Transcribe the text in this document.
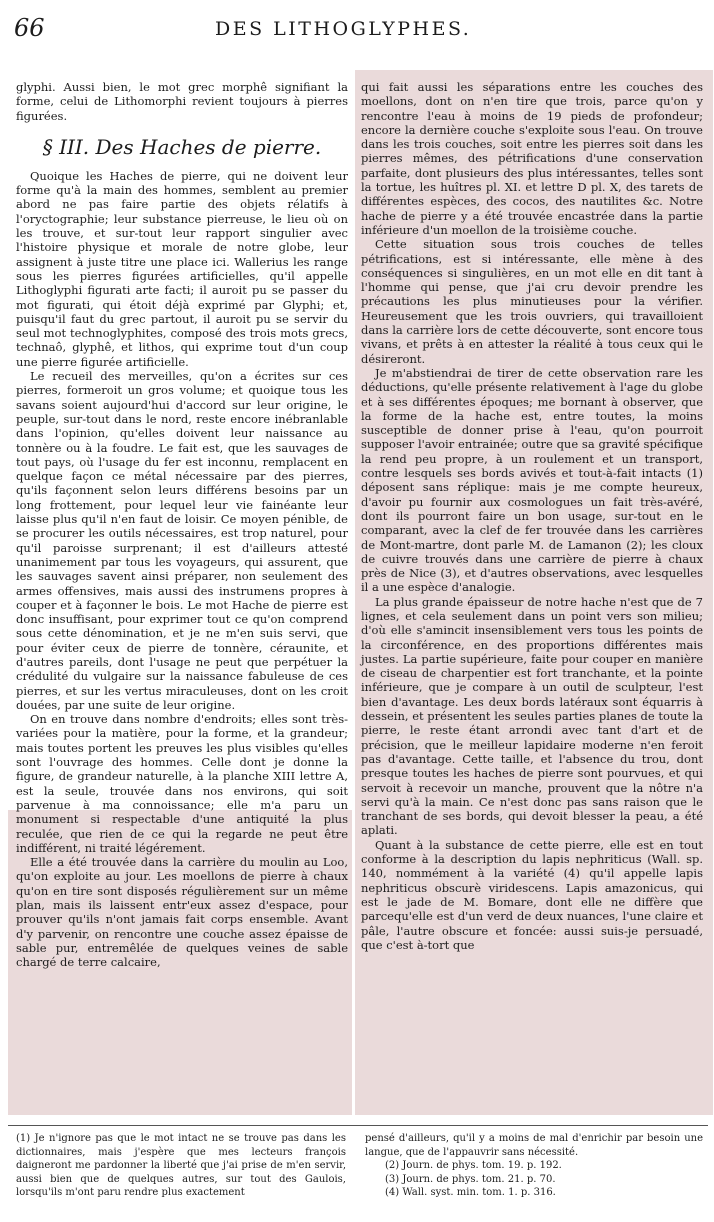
66	DES LITHOGLYPHES.

glyphi. Aussi bien, le mot grec morphê signifiant la forme, celui de Lithomorphi revient toujours à pierres figurées.

§ III. Des Haches de pierre.

Quoique les Haches de pierre, qui ne doivent leur forme qu'à la main des hommes, semblent au premier abord ne pas faire partie des objets rélatifs à l'oryctographie; leur substance pierreuse, le lieu où on les trouve, et sur-tout leur rapport singulier avec l'histoire physique et morale de notre globe, leur assignent à juste titre une place ici. Wallerius les range sous les pierres figurées artificielles, qu'il appelle Lithoglyphi figurati arte facti; il auroit pu se passer du mot figurati, qui étoit déjà exprimé par Glyphi; et, puisqu'il faut du grec partout, il auroit pu se servir du seul mot technoglyphites, composé des trois mots grecs, technaô, glyphê, et lithos, qui exprime tout d'un coup une pierre figurée artificielle.

Le recueil des merveilles, qu'on a écrites sur ces pierres, formeroit un gros volume; et quoique tous les savans soient aujourd'hui d'accord sur leur origine, le peuple, sur-tout dans le nord, reste encore inébranlable dans l'opinion, qu'elles doivent leur naissance au tonnère ou à la foudre. Le fait est, que les sauvages de tout pays, où l'usage du fer est inconnu, remplacent en quelque façon ce métal nécessaire par des pierres, qu'ils façonnent selon leurs différens besoins par un long frottement, pour lequel leur vie fainéante leur laisse plus qu'il n'en faut de loisir. Ce moyen pénible, de se procurer les outils nécessaires, est trop naturel, pour qu'il paroisse surprenant; il est d'ailleurs attesté unanimement par tous les voyageurs, qui assurent, que les sauvages savent ainsi préparer, non seulement des armes offensives, mais aussi des instrumens propres à couper et à façonner le bois. Le mot Hache de pierre est donc insuffisant, pour exprimer tout ce qu'on comprend sous cette dénomination, et je ne m'en suis servi, que pour éviter ceux de pierre de tonnère, céraunite, et d'autres pareils, dont l'usage ne peut que perpétuer la crédulité du vulgaire sur la naissance fabuleuse de ces pierres, et sur les vertus miraculeuses, dont on les croit douées, par une suite de leur origine.

On en trouve dans nombre d'endroits; elles sont très-variées pour la matière, pour la forme, et la grandeur; mais toutes portent les preuves les plus visibles qu'elles sont l'ouvrage des hommes. Celle dont je donne la figure, de grandeur naturelle, à la planche XIII lettre A, est la seule, trouvée dans nos environs, qui soit parvenue à ma connoissance; elle m'a paru un monument si respectable d'une antiquité la plus reculée, que rien de ce qui la regarde ne peut être indifférent, ni traité légérement.

Elle a été trouvée dans la carrière du moulin au Loo, qu'on exploite au jour. Les moellons de pierre à chaux qu'on en tire sont disposés régulièrement sur un même plan, mais ils laissent entr'eux assez d'espace, pour prouver qu'ils n'ont jamais fait corps ensemble. Avant d'y parvenir, on rencontre une couche assez épaisse de sable pur, entremêlée de quelques veines de sable chargé de terre calcaire,

qui fait aussi les séparations entre les couches des moellons, dont on n'en tire que trois, parce qu'on y rencontre l'eau à moins de 19 pieds de profondeur; encore la dernière couche s'exploite sous l'eau. On trouve dans les trois couches, soit entre les pierres soit dans les pierres mêmes, des pétrifications d'une conservation parfaite, dont plusieurs des plus intéressantes, telles sont la tortue, les huîtres pl. XI. et lettre D pl. X, des tarets de différentes espèces, des cocos, des nautilites &c. Notre hache de pierre y a été trouvée encastrée dans la partie inférieure d'un moellon de la troisième couche.

Cette situation sous trois couches de telles pétrifications, est si intéressante, elle mène à des conséquences si singulières, en un mot elle en dit tant à l'homme qui pense, que j'ai cru devoir prendre les précautions les plus minutieuses pour la vérifier. Heureusement que les trois ouvriers, qui travailloient dans la carrière lors de cette découverte, sont encore tous vivans, et prêts à en attester la réalité à tous ceux qui le désireront.

Je m'abstiendrai de tirer de cette observation rare les déductions, qu'elle présente relativement à l'age du globe et à ses différentes époques; me bornant à observer, que la forme de la hache est, entre toutes, la moins susceptible de donner prise à l'eau, qu'on pourroit supposer l'avoir entrainée; outre que sa gravité spécifique la rend peu propre, à un roulement et un transport, contre lesquels ses bords avivés et tout-à-fait intacts (1) déposent sans réplique: mais je me compte heureux, d'avoir pu fournir aux cosmologues un fait très-avéré, dont ils pourront faire un bon usage, sur-tout en le comparant, avec la clef de fer trouvée dans les carrières de Mont-martre, dont parle M. de Lamanon (2); les cloux de cuivre trouvés dans une carrière de pierre à chaux près de Nice (3), et d'autres observations, avec lesquelles il a une espèce d'analogie.

La plus grande épaisseur de notre hache n'est que de 7 lignes, et cela seulement dans un point vers son milieu; d'où elle s'amincit insensiblement vers tous les points de la circonférence, en des proportions différentes mais justes. La partie supérieure, faite pour couper en manière de ciseau de charpentier est fort tranchante, et la pointe inférieure, que je compare à un outil de sculpteur, l'est bien d'avantage. Les deux bords latéraux sont équarris à dessein, et présentent les seules parties planes de toute la pierre, le reste étant arrondi avec tant d'art et de précision, que le meilleur lapidaire moderne n'en feroit pas d'avantage. Cette taille, et l'absence du trou, dont presque toutes les haches de pierre sont pourvues, et qui servoit à recevoir un manche, prouvent que la nôtre n'a servi qu'à la main. Ce n'est donc pas sans raison que le tranchant de ses bords, qui devoit blesser la peau, a été aplati.

Quant à la substance de cette pierre, elle est en tout conforme à la description du lapis nephriticus (Wall. sp. 140, nommément à la variété (4) qu'il appelle lapis nephriticus obscurè viridescens. Lapis amazonicus, qui est le jade de M. Bomare, dont elle ne diffère que parcequ'elle est d'un verd de deux nuances, l'une claire et pâle, l'autre obscure et foncée: aussi suis-je persuadé, que c'est à-tort que

(1) Je n'ignore pas que le mot intact ne se trouve pas dans les dictionnaires, mais j'espère que mes lecteurs françois daigneront me pardonner la liberté que j'ai prise de m'en servir, aussi bien que de quelques autres, sur tout des Gaulois, lorsqu'ils m'ont paru rendre plus exactement

pensé d'ailleurs, qu'il y a moins de mal d'enrichir par besoin une langue, que de l'appauvrir sans nécessité.

(2) Journ. de phys. tom. 19. p. 192.

(3) Journ. de phys. tom. 21. p. 70.

(4) Wall. syst. min. tom. 1. p. 316.
